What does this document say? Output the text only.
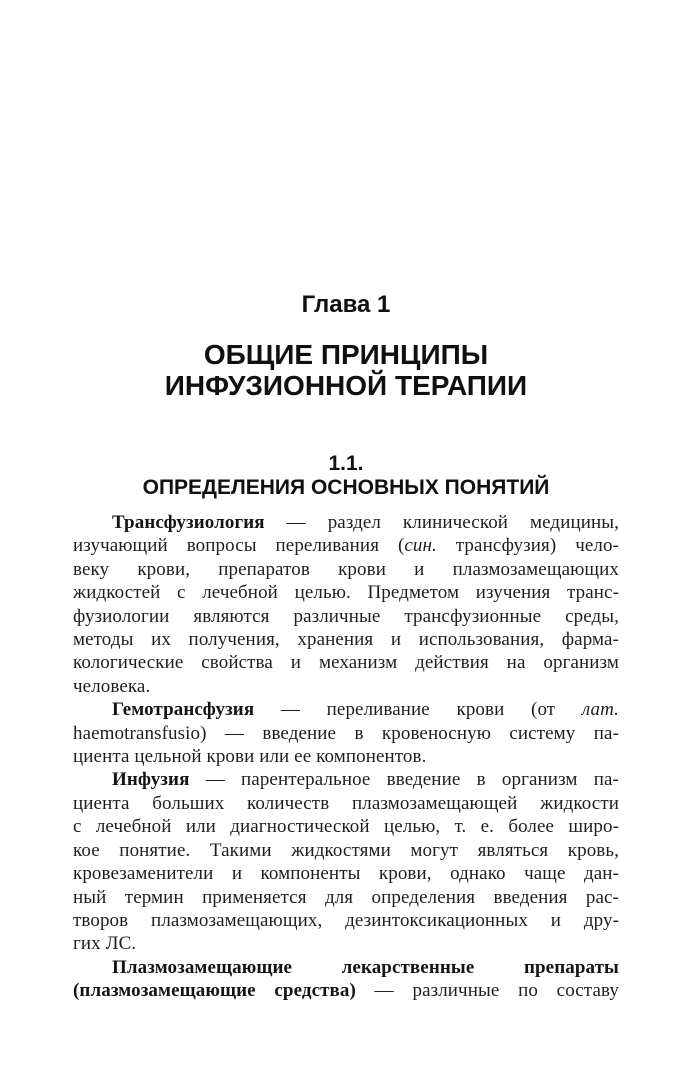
Глава 1
ОБЩИЕ ПРИНЦИПЫ
ИНФУЗИОННОЙ ТЕРАПИИ
1.1.
ОПРЕДЕЛЕНИЯ ОСНОВНЫХ ПОНЯТИЙ
Трансфузиология — раздел клинической медицины,
изучающий вопросы переливания (син. трансфузия) чело-
веку крови, препаратов крови и плазмозамещающих
жидкостей с лечебной целью. Предметом изучения транс-
фузиологии являются различные трансфузионные среды,
методы их получения, хранения и использования, фарма-
кологические свойства и механизм действия на организм
человека.
Гемотрансфузия — переливание крови (от лат.
haemotransfusio) — введение в кровеносную систему па-
циента цельной крови или ее компонентов.
Инфузия — парентеральное введение в организм па-
циента больших количеств плазмозамещающей жидкости
с лечебной или диагностической целью, т. е. более широ-
кое понятие. Такими жидкостями могут являться кровь,
кровезаменители и компоненты крови, однако чаще дан-
ный термин применяется для определения введения рас-
творов плазмозамещающих, дезинтоксикационных и дру-
гих ЛС.
Плазмозамещающие лекарственные препараты
(плазмозамещающие средства) — различные по составу
